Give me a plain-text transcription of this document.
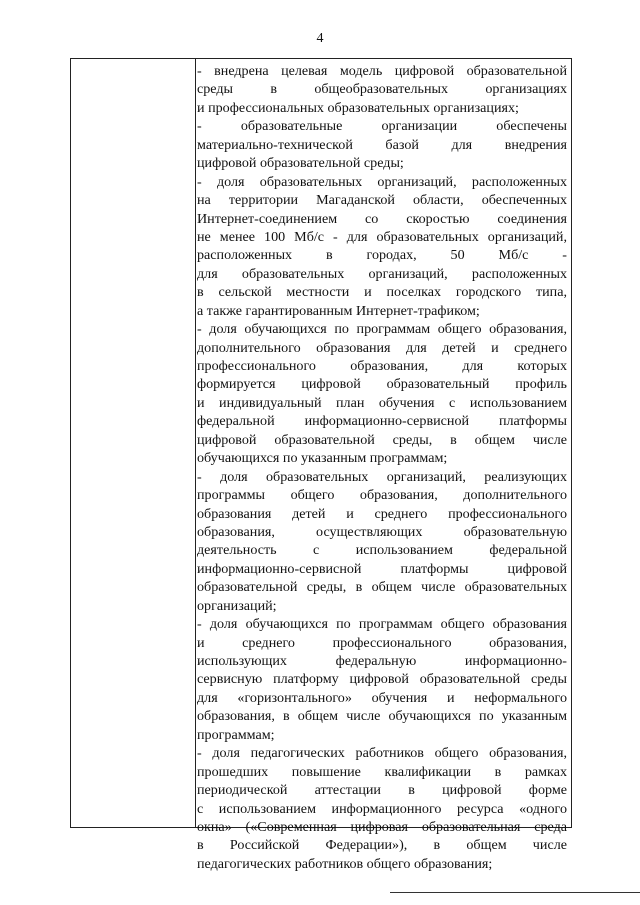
4
- внедрена целевая модель цифровой образовательной
среды в общеобразовательных организациях
и профессиональных образовательных организациях;
- образовательные организации обеспечены
материально-технической базой для внедрения
цифровой образовательной среды;
- доля образовательных организаций, расположенных
на территории Магаданской области, обеспеченных
Интернет-соединением со скоростью соединения
не менее 100 Мб/с - для образовательных организаций,
расположенных в городах, 50 Мб/с -
для образовательных организаций, расположенных
в сельской местности и поселках городского типа,
а также гарантированным Интернет-трафиком;
- доля обучающихся по программам общего образования,
дополнительного образования для детей и среднего
профессионального образования, для которых
формируется цифровой образовательный профиль
и индивидуальный план обучения с использованием
федеральной информационно-сервисной платформы
цифровой образовательной среды, в общем числе
обучающихся по указанным программам;
- доля образовательных организаций, реализующих
программы общего образования, дополнительного
образования детей и среднего профессионального
образования, осуществляющих образовательную
деятельность с использованием федеральной
информационно-сервисной платформы цифровой
образовательной среды, в общем числе образовательных
организаций;
- доля обучающихся по программам общего образования
и среднего профессионального образования,
использующих федеральную информационно-
сервисную платформу цифровой образовательной среды
для «горизонтального» обучения и неформального
образования, в общем числе обучающихся по указанным
программам;
- доля педагогических работников общего образования,
прошедших повышение квалификации в рамках
периодической аттестации в цифровой форме
с использованием информационного ресурса «одного
окна» («Современная цифровая образовательная среда
в Российской Федерации»), в общем числе
педагогических работников общего образования;
